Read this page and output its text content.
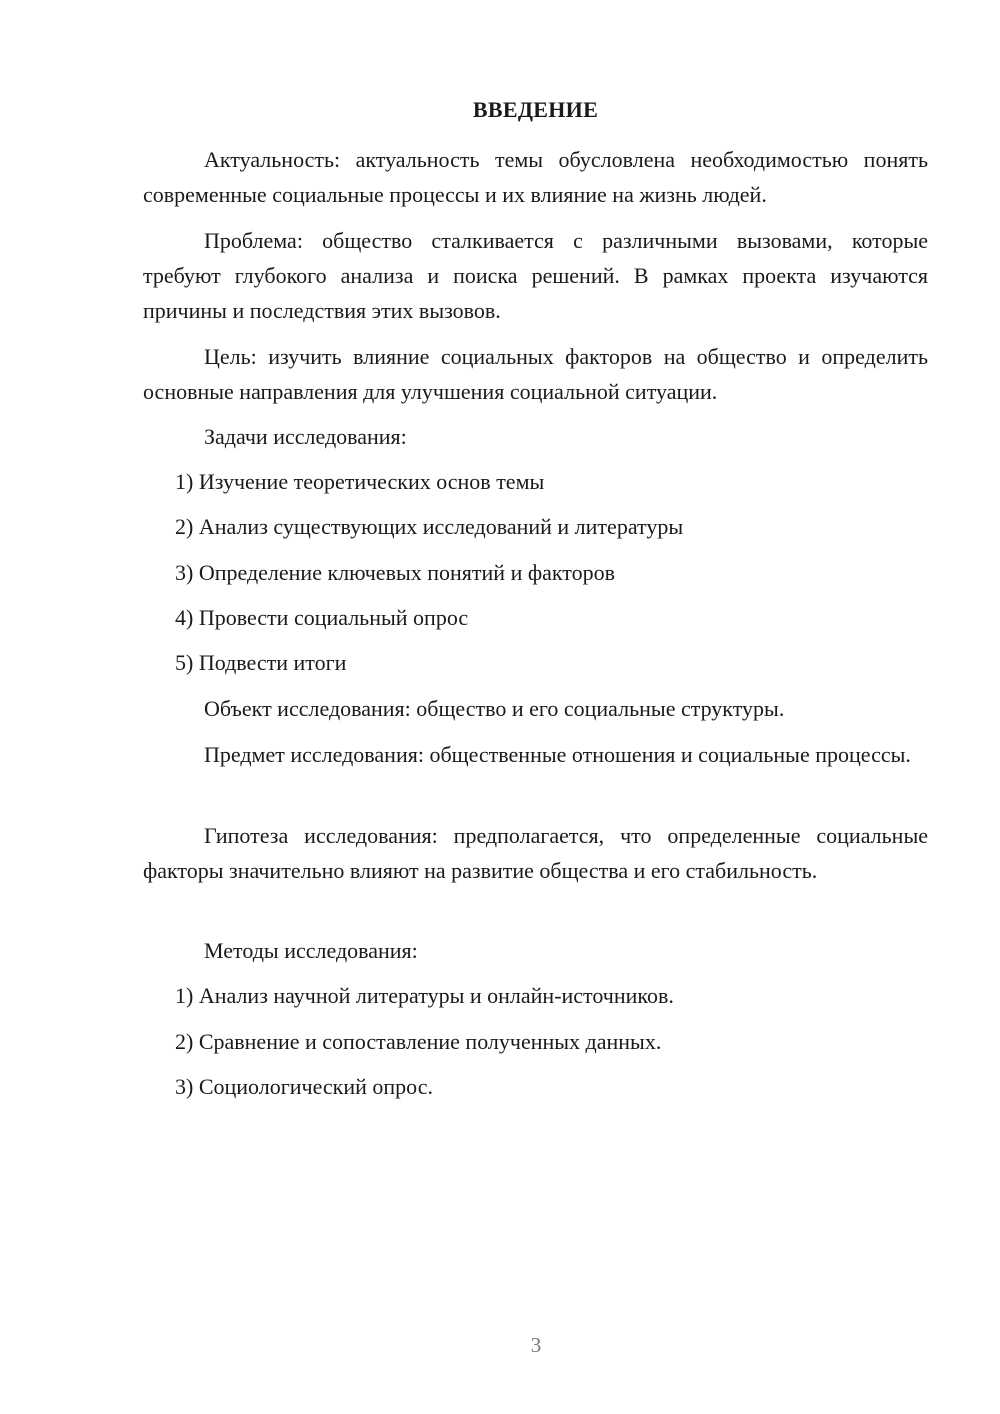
ВВЕДЕНИЕ

Актуальность: актуальность темы обусловлена необходимостью понять современные социальные процессы и их влияние на жизнь людей.

Проблема: общество сталкивается с различными вызовами, которые требуют глубокого анализа и поиска решений. В рамках проекта изучаются причины и последствия этих вызовов.

Цель: изучить влияние социальных факторов на общество и определить основные направления для улучшения социальной ситуации.

Задачи исследования:

1) Изучение теоретических основ темы

2) Анализ существующих исследований и литературы

3) Определение ключевых понятий и факторов

4) Провести социальный опрос

5) Подвести итоги

Объект исследования: общество и его социальные структуры.

Предмет исследования: общественные отношения и социальные процессы.

Гипотеза исследования: предполагается, что определенные социальные факторы значительно влияют на развитие общества и его стабильность.

Методы исследования:

1) Анализ научной литературы и онлайн-источников.

2) Сравнение и сопоставление полученных данных.

3) Социологический опрос.

3
